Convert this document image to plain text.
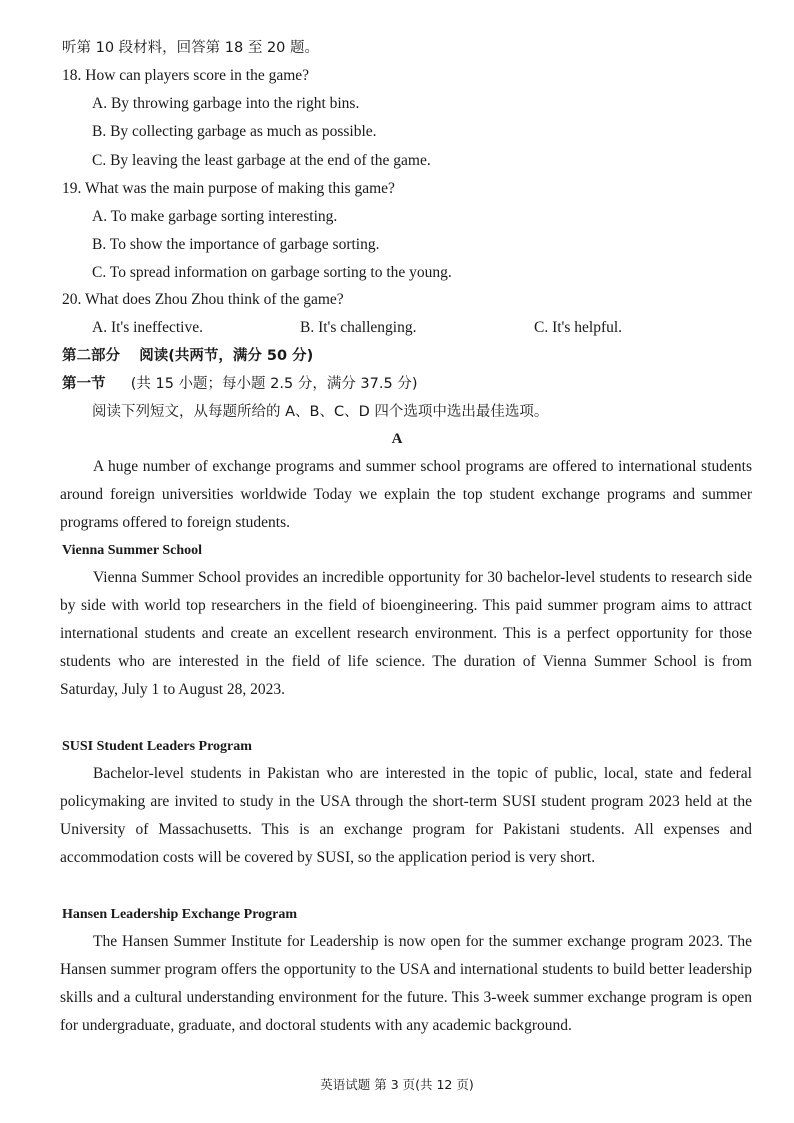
听第 10 段材料，回答第 18 至 20 题。
18. How can players score in the game?
A. By throwing garbage into the right bins.
B. By collecting garbage as much as possible.
C. By leaving the least garbage at the end of the game.
19. What was the main purpose of making this game?
A. To make garbage sorting interesting.
B. To show the importance of garbage sorting.
C. To spread information on garbage sorting to the young.
20. What does Zhou Zhou think of the game?
A. It's ineffective.	B. It's challenging.	C. It's helpful.
第二部分 阅读(共两节，满分 50 分)
第一节 (共 15 小题；每小题 2.5 分，满分 37.5 分)
阅读下列短文，从每题所给的 A、B、C、D 四个选项中选出最佳选项。
A
A huge number of exchange programs and summer school programs are offered to international students around foreign universities worldwide Today we explain the top student exchange programs and summer programs offered to foreign students.
Vienna Summer School
Vienna Summer School provides an incredible opportunity for 30 bachelor-level students to research side by side with world top researchers in the field of bioengineering. This paid summer program aims to attract international students and create an excellent research environment. This is a perfect opportunity for those students who are interested in the field of life science. The duration of Vienna Summer School is from Saturday, July 1 to August 28, 2023.
SUSI Student Leaders Program
Bachelor-level students in Pakistan who are interested in the topic of public, local, state and federal policymaking are invited to study in the USA through the short-term SUSI student program 2023 held at the University of Massachusetts. This is an exchange program for Pakistani students. All expenses and accommodation costs will be covered by SUSI, so the application period is very short.
Hansen Leadership Exchange Program
The Hansen Summer Institute for Leadership is now open for the summer exchange program 2023. The Hansen summer program offers the opportunity to the USA and international students to build better leadership skills and a cultural understanding environment for the future. This 3-week summer exchange program is open for undergraduate, graduate, and doctoral students with any academic background.
英语试题 第 3 页(共 12 页)
